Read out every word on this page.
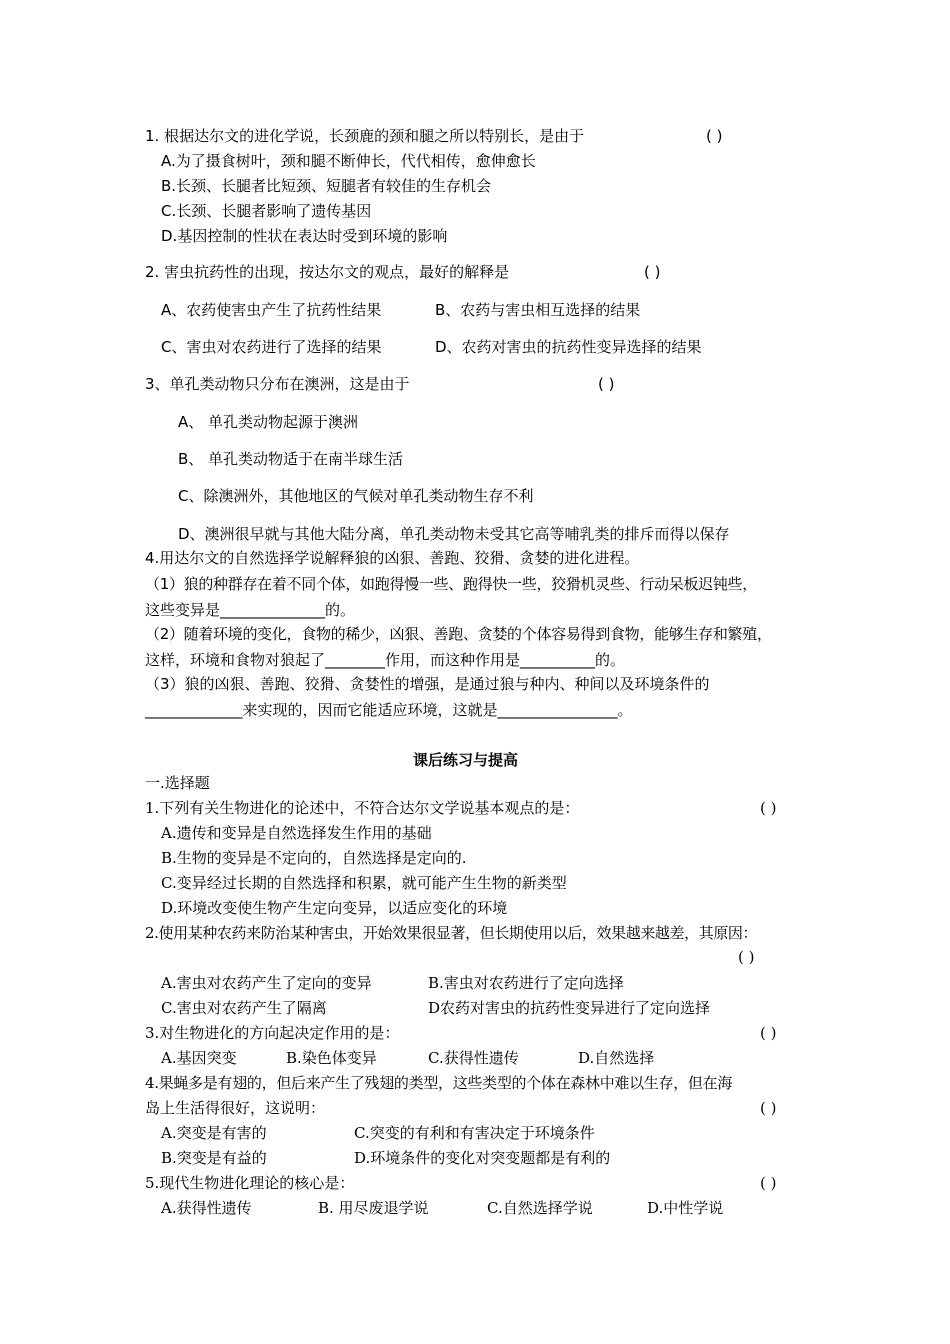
1. 根据达尔文的进化学说，长颈鹿的颈和腿之所以特别长，是由于	( )
A.为了摄食树叶，颈和腿不断伸长，代代相传，愈伸愈长
B.长颈、长腿者比短颈、短腿者有较佳的生存机会
C.长颈、长腿者影响了遗传基因
D.基因控制的性状在表达时受到环境的影响
2. 害虫抗药性的出现，按达尔文的观点，最好的解释是	( )
A、农药使害虫产生了抗药性结果	B、农药与害虫相互选择的结果
C、害虫对农药进行了选择的结果	D、农药对害虫的抗药性变异选择的结果
3、单孔类动物只分布在澳洲，这是由于	( )
A、 单孔类动物起源于澳洲
B、 单孔类动物适于在南半球生活
C、除澳洲外，其他地区的气候对单孔类动物生存不利
D、澳洲很早就与其他大陆分离，单孔类动物未受其它高等哺乳类的排斥而得以保存
4.用达尔文的自然选择学说解释狼的凶狠、善跑、狡猾、贪婪的进化进程。
（1）狼的种群存在着不同个体，如跑得慢一些、跑得快一些，狡猾机灵些、行动呆板迟钝些，
这些变异是______________的。
（2）随着环境的变化，食物的稀少，凶狠、善跑、贪婪的个体容易得到食物，能够生存和繁殖，
这样，环境和食物对狼起了________作用，而这种作用是__________的。
（3）狼的凶狠、善跑、狡猾、贪婪性的增强，是通过狼与种内、种间以及环境条件的
_____________来实现的，因而它能适应环境，这就是________________。
课后练习与提高
一.选择题
1.下列有关生物进化的论述中，不符合达尔文学说基本观点的是：	( )
A.遗传和变异是自然选择发生作用的基础
B.生物的变异是不定向的，自然选择是定向的.
C.变异经过长期的自然选择和积累，就可能产生生物的新类型
D.环境改变使生物产生定向变异，以适应变化的环境
2.使用某种农药来防治某种害虫，开始效果很显著，但长期使用以后，效果越来越差，其原因：
( )
A.害虫对农药产生了定向的变异	B.害虫对农药进行了定向选择
C.害虫对农药产生了隔离	D农药对害虫的抗药性变异进行了定向选择
3.对生物进化的方向起决定作用的是：	( )
A.基因突变	B.染色体变异	C.获得性遗传	D.自然选择
4.果蝇多是有翅的，但后来产生了残翅的类型，这些类型的个体在森林中难以生存，但在海
岛上生活得很好，这说明：	( )
A.突变是有害的	C.突变的有利和有害决定于环境条件
B.突变是有益的	D.环境条件的变化对突变题都是有利的
5.现代生物进化理论的核心是：	( )
A.获得性遗传	B. 用尽废退学说	C.自然选择学说	D.中性学说
